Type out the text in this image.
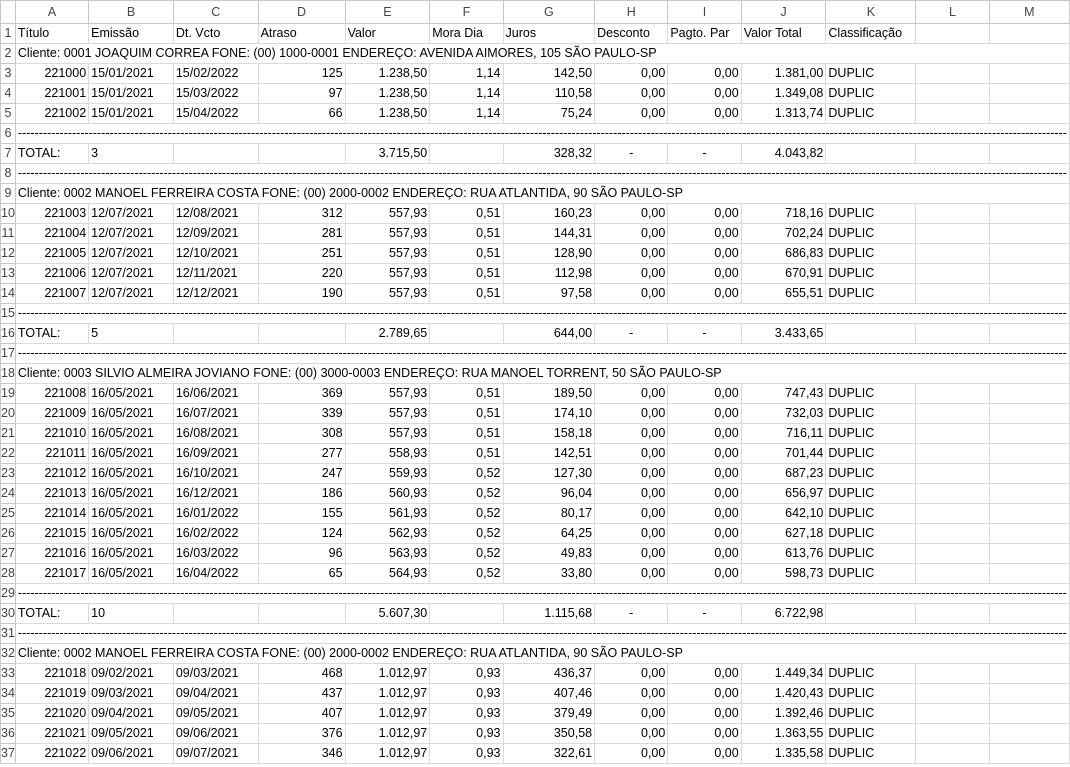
	A	B	C	D	E	F	G	H	I	J	K	L	M
1	Título	Emissão	Dt. Vcto	Atraso	Valor	Mora Dia	Juros	Desconto	Pagto. Par	Valor Total	Classificação		
2	Cliente: 0001 JOAQUIM CORREA FONE: (00) 1000-0001 ENDEREÇO: AVENIDA AIMORES, 105 SÃO PAULO-SP												
3	221000	15/01/2021	15/02/2022	125	1.238,50	1,14	142,50	0,00	0,00	1.381,00	DUPLIC		
4	221001	15/01/2021	15/03/2022	97	1.238,50	1,14	110,58	0,00	0,00	1.349,08	DUPLIC		
5	221002	15/01/2021	15/04/2022	66	1.238,50	1,14	75,24	0,00	0,00	1.313,74	DUPLIC		
6	------------------------------------------------------------------------------------------------------------------------------------------------------------------------------------------------------------------------------------------------------------												
7	TOTAL:	3			3.715,50		328,32	-	-	4.043,82			
8	------------------------------------------------------------------------------------------------------------------------------------------------------------------------------------------------------------------------------------------------------------												
9	Cliente: 0002 MANOEL FERREIRA COSTA FONE: (00) 2000-0002 ENDEREÇO: RUA ATLANTIDA, 90 SÃO PAULO-SP												
10	221003	12/07/2021	12/08/2021	312	557,93	0,51	160,23	0,00	0,00	718,16	DUPLIC		
11	221004	12/07/2021	12/09/2021	281	557,93	0,51	144,31	0,00	0,00	702,24	DUPLIC		
12	221005	12/07/2021	12/10/2021	251	557,93	0,51	128,90	0,00	0,00	686,83	DUPLIC		
13	221006	12/07/2021	12/11/2021	220	557,93	0,51	112,98	0,00	0,00	670,91	DUPLIC		
14	221007	12/07/2021	12/12/2021	190	557,93	0,51	97,58	0,00	0,00	655,51	DUPLIC		
15	------------------------------------------------------------------------------------------------------------------------------------------------------------------------------------------------------------------------------------------------------------												
16	TOTAL:	5			2.789,65		644,00	-	-	3.433,65			
17	------------------------------------------------------------------------------------------------------------------------------------------------------------------------------------------------------------------------------------------------------------												
18	Cliente: 0003 SILVIO ALMEIRA JOVIANO FONE: (00) 3000-0003 ENDEREÇO: RUA MANOEL TORRENT, 50 SÃO PAULO-SP												
19	221008	16/05/2021	16/06/2021	369	557,93	0,51	189,50	0,00	0,00	747,43	DUPLIC		
20	221009	16/05/2021	16/07/2021	339	557,93	0,51	174,10	0,00	0,00	732,03	DUPLIC		
21	221010	16/05/2021	16/08/2021	308	557,93	0,51	158,18	0,00	0,00	716,11	DUPLIC		
22	221011	16/05/2021	16/09/2021	277	558,93	0,51	142,51	0,00	0,00	701,44	DUPLIC		
23	221012	16/05/2021	16/10/2021	247	559,93	0,52	127,30	0,00	0,00	687,23	DUPLIC		
24	221013	16/05/2021	16/12/2021	186	560,93	0,52	96,04	0,00	0,00	656,97	DUPLIC		
25	221014	16/05/2021	16/01/2022	155	561,93	0,52	80,17	0,00	0,00	642,10	DUPLIC		
26	221015	16/05/2021	16/02/2022	124	562,93	0,52	64,25	0,00	0,00	627,18	DUPLIC		
27	221016	16/05/2021	16/03/2022	96	563,93	0,52	49,83	0,00	0,00	613,76	DUPLIC		
28	221017	16/05/2021	16/04/2022	65	564,93	0,52	33,80	0,00	0,00	598,73	DUPLIC		
29	------------------------------------------------------------------------------------------------------------------------------------------------------------------------------------------------------------------------------------------------------------												
30	TOTAL:	10			5.607,30		1.115,68	-	-	6.722,98			
31	------------------------------------------------------------------------------------------------------------------------------------------------------------------------------------------------------------------------------------------------------------												
32	Cliente: 0002 MANOEL FERREIRA COSTA FONE: (00) 2000-0002 ENDEREÇO: RUA ATLANTIDA, 90 SÃO PAULO-SP												
33	221018	09/02/2021	09/03/2021	468	1.012,97	0,93	436,37	0,00	0,00	1.449,34	DUPLIC		
34	221019	09/03/2021	09/04/2021	437	1.012,97	0,93	407,46	0,00	0,00	1.420,43	DUPLIC		
35	221020	09/04/2021	09/05/2021	407	1.012,97	0,93	379,49	0,00	0,00	1.392,46	DUPLIC		
36	221021	09/05/2021	09/06/2021	376	1.012,97	0,93	350,58	0,00	0,00	1.363,55	DUPLIC		
37	221022	09/06/2021	09/07/2021	346	1.012,97	0,93	322,61	0,00	0,00	1.335,58	DUPLIC		
